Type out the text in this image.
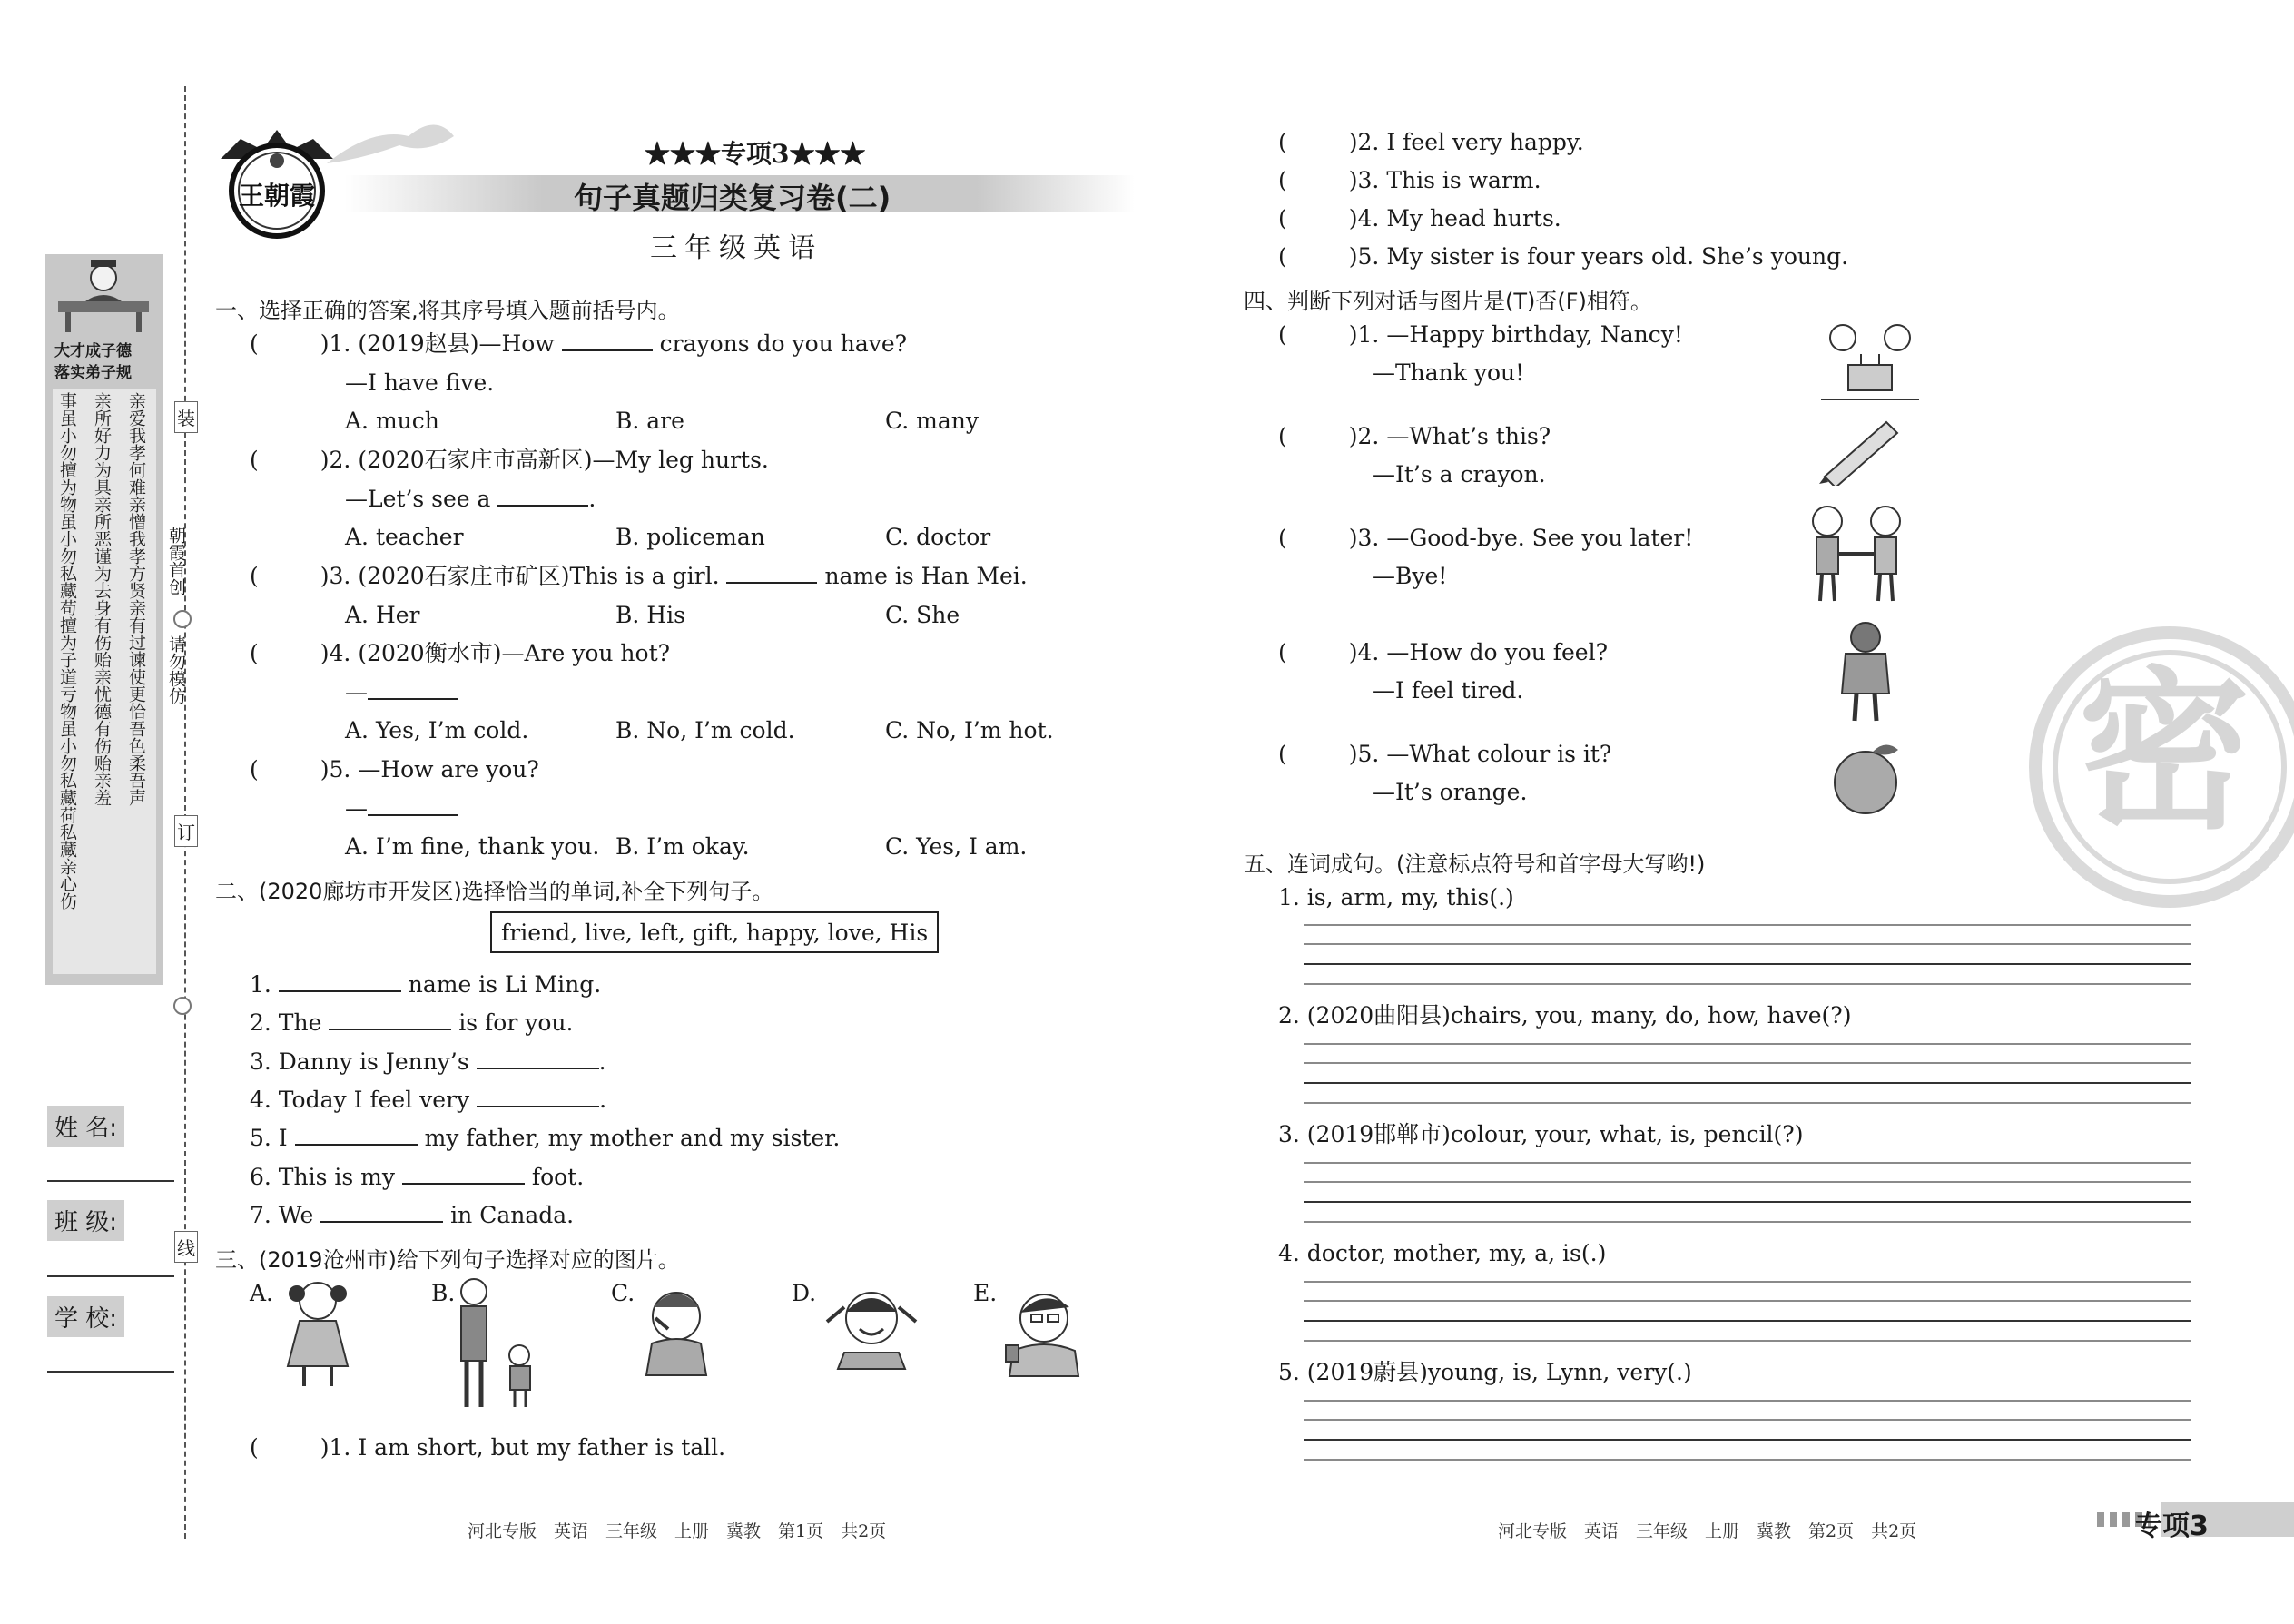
装
订
线
朝霞首创
请勿模仿
大才成子德
落实弟子规
亲爱我孝何难亲憎我孝方贤亲有过谏使更恰吾色柔吾声
亲所好力为具亲所恶谨为去身有伤贻亲忧德有伤贻亲羞
事虽小勿擅为物虽小勿私藏苟擅为子道亏物虽小勿私藏荷私藏亲心伤
姓 名:
班 级:
学 校:
王朝霞
★★★专项3★★★
句子真题归类复习卷(二)
三年级英语
一、选择正确的答案,将其序号填入题前括号内。
(	)1. (2019赵县)—How	crayons do you have?
—I have five.
A. much	B. are	C. many
(	)2. (2020石家庄市高新区)—My leg hurts.
—Let’s see a	.
A. teacher	B. policeman	C. doctor
(	)3. (2020石家庄市矿区)This is a girl.	name is Han Mei.
A. Her	B. His	C. She
(	)4. (2020衡水市)—Are you hot?
—
A. Yes, I’m cold.	B. No, I’m cold.	C. No, I’m hot.
(	)5. —How are you?
—
A. I’m fine, thank you. B. I’m okay.	C. Yes, I am.
二、(2020廊坊市开发区)选择恰当的单词,补全下列句子。
friend, live, left, gift, happy, love, His
1.	name is Li Ming.
2. The	is for you.
3. Danny is Jenny’s	.
4. Today I feel very	.
5. I	my father, my mother and my sister.
6. This is my	foot.
7. We	in Canada.
三、(2019沧州市)给下列句子选择对应的图片。
A.	B.	C.	D.	E.
(	)1. I am short, but my father is tall.
(	)2. I feel very happy.
(	)3. This is warm.
(	)4. My head hurts.
(	)5. My sister is four years old. She’s young.
四、判断下列对话与图片是(T)否(F)相符。
(	)1. —Happy birthday, Nancy!
—Thank you!
(	)2. —What’s this?
—It’s a crayon.
(	)3. —Good-bye. See you later!
—Bye!
(	)4. —How do you feel?
—I feel tired.
(	)5. —What colour is it?
—It’s orange.
五、连词成句。(注意标点符号和首字母大写哟!)
1. is, arm, my, this(.)
2. (2020曲阳县)chairs, you, many, do, how, have(?)
3. (2019邯郸市)colour, your, what, is, pencil(?)
4. doctor, mother, my, a, is(.)
5. (2019蔚县)young, is, Lynn, very(.)
密
河北专版　英语　三年级　上册　冀教　第1页　共2页	河北专版　英语　三年级　上册　冀教　第2页　共2页	专项3
